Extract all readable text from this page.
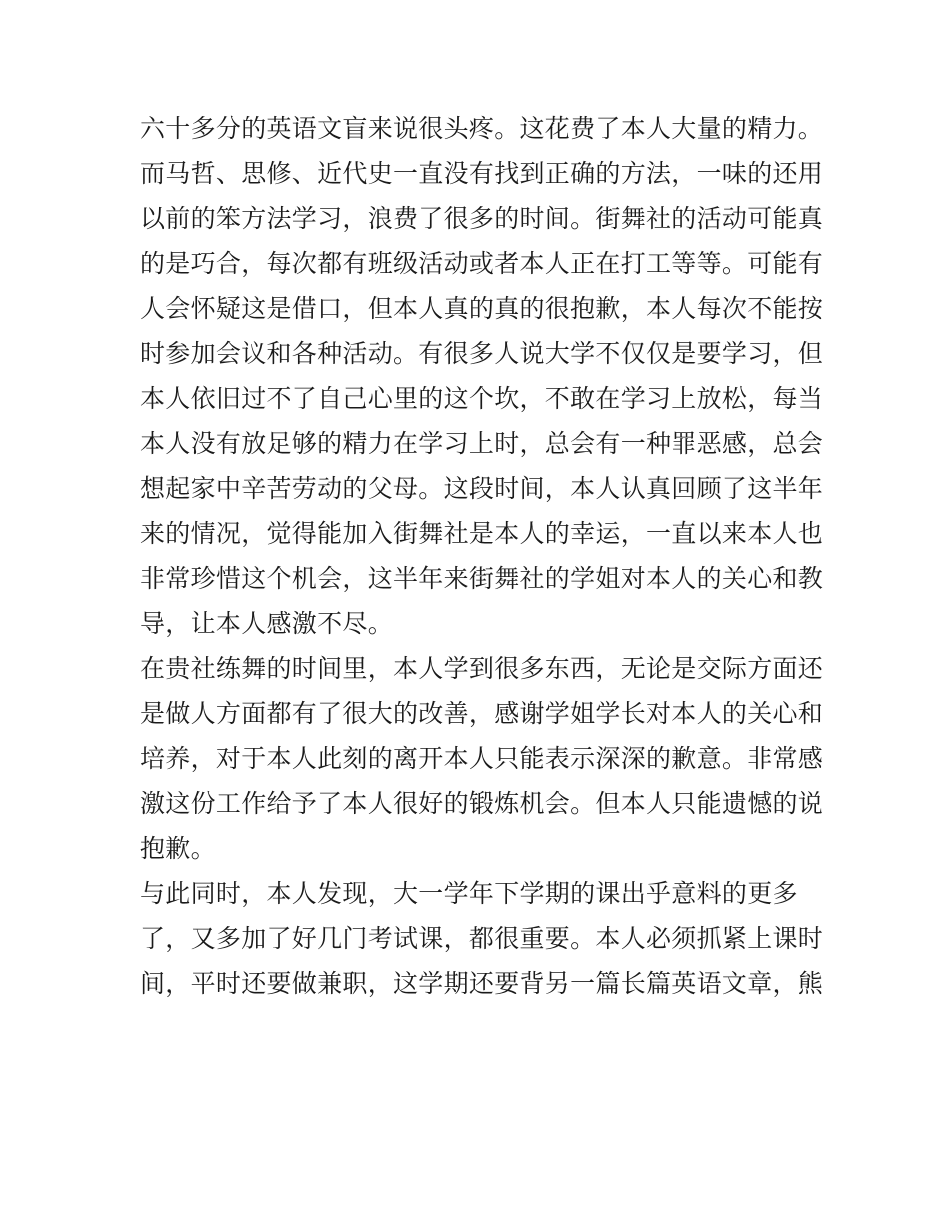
六十多分的英语文盲来说很头疼。这花费了本人大量的精力。
而马哲、思修、近代史一直没有找到正确的方法，一味的还用
以前的笨方法学习，浪费了很多的时间。街舞社的活动可能真
的是巧合，每次都有班级活动或者本人正在打工等等。可能有
人会怀疑这是借口，但本人真的真的很抱歉，本人每次不能按
时参加会议和各种活动。有很多人说大学不仅仅是要学习，但
本人依旧过不了自己心里的这个坎，不敢在学习上放松，每当
本人没有放足够的精力在学习上时，总会有一种罪恶感，总会
想起家中辛苦劳动的父母。这段时间，本人认真回顾了这半年
来的情况，觉得能加入街舞社是本人的幸运，一直以来本人也
非常珍惜这个机会，这半年来街舞社的学姐对本人的关心和教
导，让本人感激不尽。
在贵社练舞的时间里，本人学到很多东西，无论是交际方面还
是做人方面都有了很大的改善，感谢学姐学长对本人的关心和
培养，对于本人此刻的离开本人只能表示深深的歉意。非常感
激这份工作给予了本人很好的锻炼机会。但本人只能遗憾的说
抱歉。
与此同时，本人发现，大一学年下学期的课出乎意料的更多
了，又多加了好几门考试课，都很重要。本人必须抓紧上课时
间，平时还要做兼职，这学期还要背另一篇长篇英语文章，熊
